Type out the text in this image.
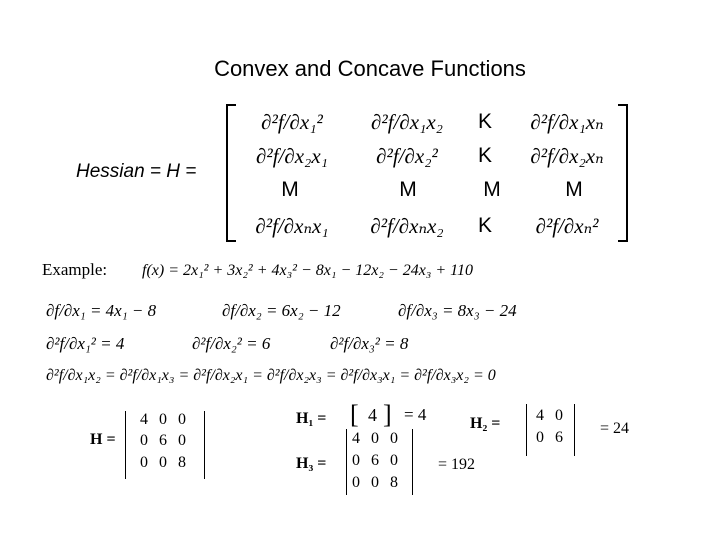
Convex and Concave Functions
Hessian = H =
∂²f/∂x₁²	∂²f/∂x₁x₂	K	∂²f/∂x₁xₙ
∂²f/∂x₂x₁	∂²f/∂x₂²	K	∂²f/∂x₂xₙ
M	M	M	M
∂²f/∂xₙx₁	∂²f/∂xₙx₂	K	∂²f/∂xₙ²
Example: f(x) = 2x₁² + 3x₂² + 4x₃² − 8x₁ − 12x₂ − 24x₃ + 110
∂f/∂x₁ = 4x₁ − 8	∂f/∂x₂ = 6x₂ − 12	∂f/∂x₃ = 8x₃ − 24
∂²f/∂x₁² = 4	∂²f/∂x₂² = 6	∂²f/∂x₃² = 8
∂²f/∂x₁x₂ = ∂²f/∂x₁x₃ = ∂²f/∂x₂x₁ = ∂²f/∂x₂x₃ = ∂²f/∂x₃x₁ = ∂²f/∂x₃x₂ = 0
H =
4  0  0
0  6  0
0  0  8
H₁ = [ 4 ] = 4	H₂ = 4  0
0  6
= 24
H₃ =
4  0  0
0  6  0
0  0  8
= 192
